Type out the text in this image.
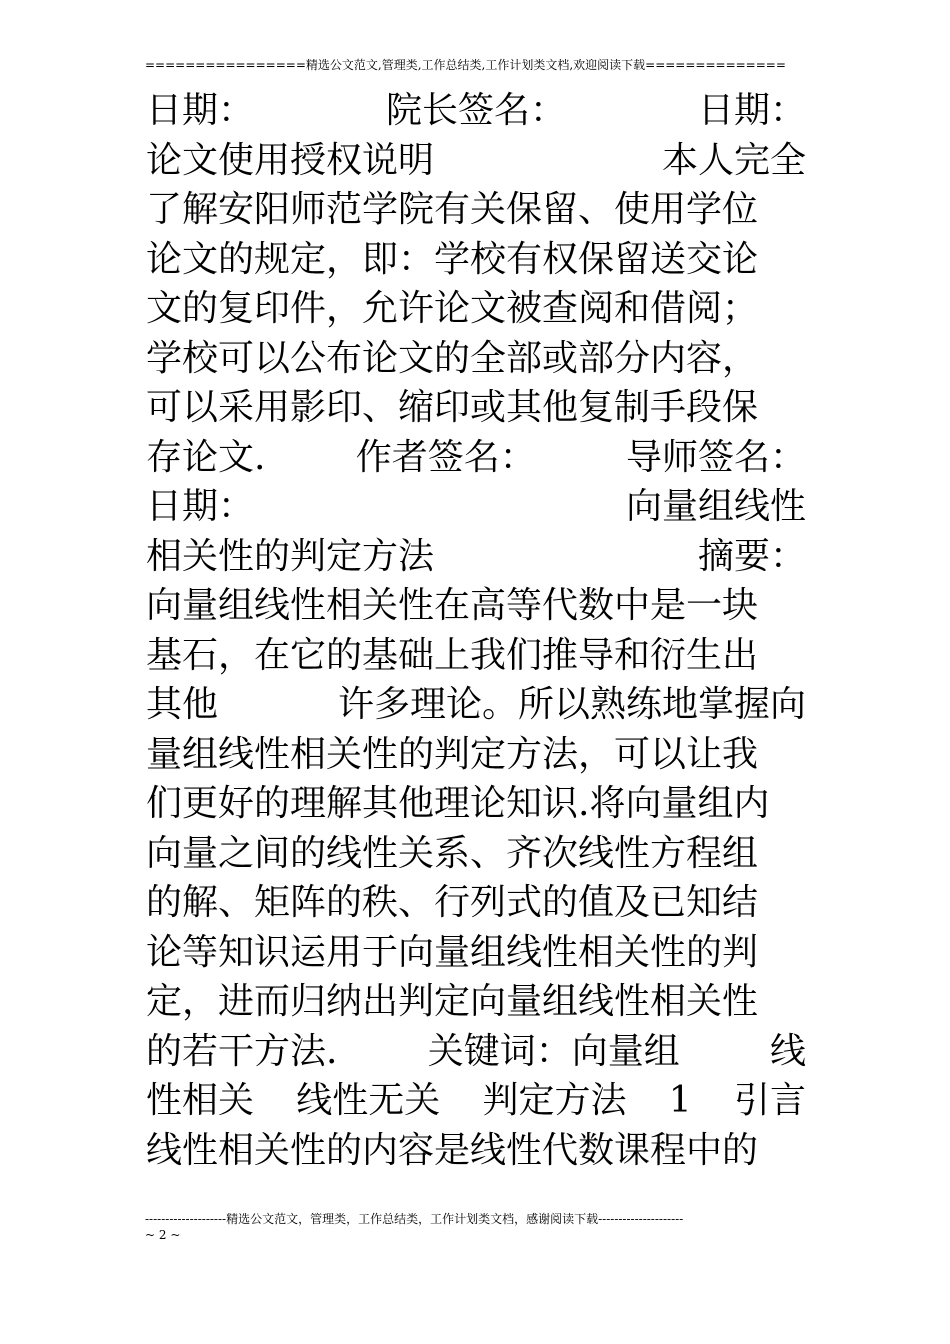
================精选公文范文,管理类,工作总结类,工作计划类文档,欢迎阅读下载==============
日期：	院长签名：	日期：
论文使用授权说明	本人完全
了解安阳师范学院有关保留、使用学位
论文的规定，即：学校有权保留送交论
文的复印件，允许论文被查阅和借阅；
学校可以公布论文的全部或部分内容，
可以采用影印、缩印或其他复制手段保
存论文.	作者签名：	导师签名：
日期：	向量组线性
相关性的判定方法	摘要：
向量组线性相关性在高等代数中是一块
基石，在它的基础上我们推导和衍生出
其他	许多理论。所以熟练地掌握向
量组线性相关性的判定方法，可以让我
们更好的理解其他理论知识.将向量组内
向量之间的线性关系、齐次线性方程组
的解、矩阵的秩、行列式的值及已知结
论等知识运用于向量组线性相关性的判
定，进而归纳出判定向量组线性相关性
的若干方法.	关键词：向量组	线
性相关 线性无关 判定方法 1 引言
线性相关性的内容是线性代数课程中的
--------------------精选公文范文，管理类，工作总结类，工作计划类文档，感谢阅读下载---------------------
~ 2 ~
